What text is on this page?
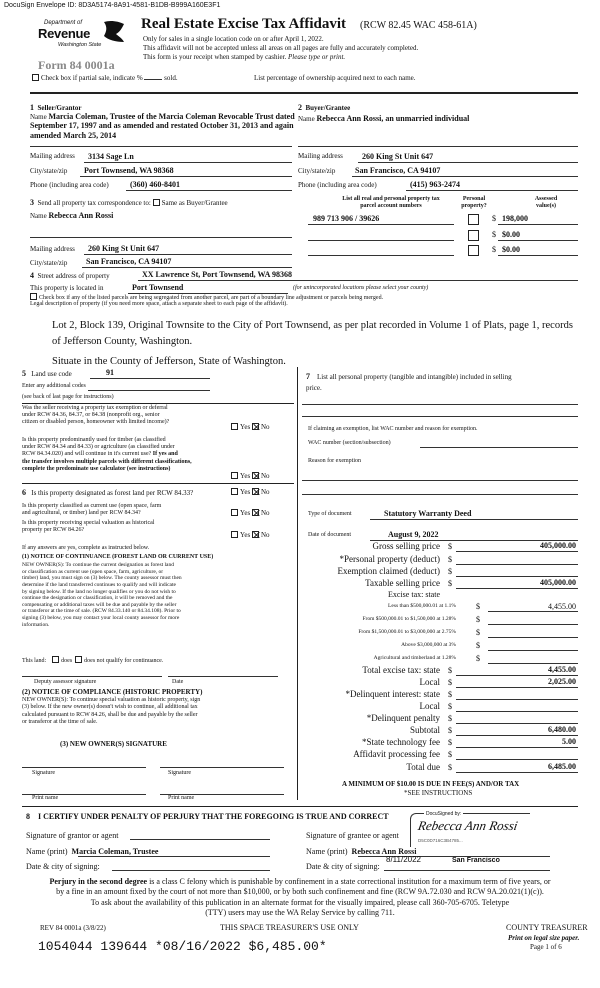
DocuSign Envelope ID: 8D3A5174-8A91-4581-B1DB-B999A160E3F1
Department of
Revenue
Washington State
Real Estate Excise Tax Affidavit (RCW 82.45 WAC 458-61A)
Only for sales in a single location code on or after April 1, 2022.
This affidavit will not be accepted unless all areas on all pages are fully and accurately completed.
This form is your receipt when stamped by cashier. Please type or print.
Form 84 0001a
Check box if partial sale, indicate %	sold.	List percentage of ownership acquired next to each name.
1 Seller/Grantor
Name Marcia Coleman, Trustee of the Marcia Coleman Revocable Trust dated September 17, 1997 and as amended and restated October 31, 2013 and again amended March 25, 2014
Mailing address 3134 Sage Ln
City/state/zip Port Townsend, WA 98368
Phone (including area code)	(360) 460-8401
2 Buyer/Grantee
Name Rebecca Ann Rossi, an unmarried individual
Mailing address 260 King St Unit 647
City/state/zip San Francisco, CA 94107
Phone (including area code)	(415) 963-2474
3 Send all property tax correspondence to: Same as Buyer/Grantee
Name Rebecca Ann Rossi
Mailing address 260 King St Unit 647
City/state/zip San Francisco, CA 94107
List all real and personal property tax
parcel account numbers
Personal
property?
Assessed
value(s)
989 713 906 / 39626	$ 198,000
$ $0.00
$ $0.00
4 Street address of property	XX Lawrence St, Port Townsend, WA 98368
This property is located in	Port Townsend	(for unincorporated locations please select your county)
Check box if any of the listed parcels are being segregated from another parcel, are part of a boundary line adjustment or parcels being merged.
Legal description of property (if you need more space, attach a separate sheet to each page of the affidavit).
Lot 2, Block 139, Original Townsite to the City of Port Townsend, as per plat recorded in Volume 1 of Plats, page 1, records of Jefferson County, Washington.
Situate in the County of Jefferson, State of Washington.
5 Land use code	91
Enter any additional codes
(see back of last page for instructions)
Was the seller receiving a property tax exemption or deferral
under RCW 84.36, 84.37, or 84.38 (nonprofit org., senior
citizen or disabled person, homeowner with limited income)?
Yes No
Is this property predominantly used for timber (as classified
under RCW 84.34 and 84.33) or agriculture (as classified under
RCW 84.34.020) and will continue in it's current use? If yes and
the transfer involves multiple parcels with different classifications,
complete the predominate use calculator (see instructions)
Yes No
6 Is this property designated as forest land per RCW 84.33?	Yes No
Is this property classified as current use (open space, farm
and agricultural, or timber) land per RCW 84.34?	Yes No
Is this property receiving special valuation as historical
property per RCW 84.26?
Yes No
If any answers are yes, complete as instructed below.
(1) NOTICE OF CONTINUANCE (FOREST LAND OR CURRENT USE)
NEW OWNER(S): To continue the current designation as forest land
or classification as current use (open space, farm, agriculture, or
timber) land, you must sign on (3) below. The county assessor must then
determine if the land transferred continues to qualify and will indicate
by signing below. If the land no longer qualifies or you do not wish to
continue the designation or classification, it will be removed and the
compensating or additional taxes will be due and payable by the seller
or transferor at the time of sale. (RCW 84.33.140 or 84.34.108). Prior to
signing (3) below, you may contact your local county assessor for more
information.
This land:	does does not qualify for continuance.
Deputy assessor signature	Date
(2) NOTICE OF COMPLIANCE (HISTORIC PROPERTY)
NEW OWNER(S): To continue special valuation as historic property, sign
(3) below. If the new owner(s) doesn't wish to continue, all additional tax
calculated pursuant to RCW 84.26, shall be due and payable by the seller
or transferor at the time of sale.
(3) NEW OWNER(S) SIGNATURE
Signature	Signature
Print name	Print name
7 List all personal property (tangible and intangible) included in selling
price.
If claiming an exemption, list WAC number and reason for exemption.
WAC number (section/subsection)
Reason for exemption
Type of document	Statutory Warranty Deed
Date of document	August 9, 2022
Gross selling price $	405,000.00
*Personal property (deduct) $
Exemption claimed (deduct) $
Taxable selling price $	405,000.00
Excise tax: state
Less than $500,000.01 at 1.1%	$	4,455.00
From $500,000.01 to $1,500,000 at 1.28%	$
From $1,500,000.01 to $3,000,000 at 2.75%	$
Above $3,000,000 at 3%	$
Agricultural and timberland at 1.28%	$
Total excise tax: state $	4,455.00
Local $	2,025.00
*Delinquent interest: state $
Local $
*Delinquent penalty $
Subtotal $	6,480.00
*State technology fee $	5.00
Affidavit processing fee $
Total due $	6,485.00
A MINIMUM OF $10.00 IS DUE IN FEE(S) AND/OR TAX
*SEE INSTRUCTIONS
8 I CERTIFY UNDER PENALTY OF PERJURY THAT THE FOREGOING IS TRUE AND CORRECT
Signature of grantor or agent	Signature of grantee or agent
DocuSigned by:
Rebecca Ann Rossi
D5C0D716C3B4785...
Name (print) Marcia Coleman, Trustee	Name (print) Rebecca Ann Rossi
Date & city of signing:	Date & city of signing:
8/11/2022	San Francisco
Perjury in the second degree is a class C felony which is punishable by confinement in a state correctional institution for a maximum term of five years, or
by a fine in an amount fixed by the court of not more than $10,000, or by both such confinement and fine (RCW 9A.72.030 and RCW 9A.20.021(1)(c)).
To ask about the availability of this publication in an alternate format for the visually impaired, please call 360-705-6705. Teletype
(TTY) users may use the WA Relay Service by calling 711.
REV 84 0001a (3/8/22)	THIS SPACE TREASURER'S USE ONLY	COUNTY TREASURER
Print on legal size paper.
Page 1 of 6
1054044 139644 *08/16/2022 $6,485.00*
